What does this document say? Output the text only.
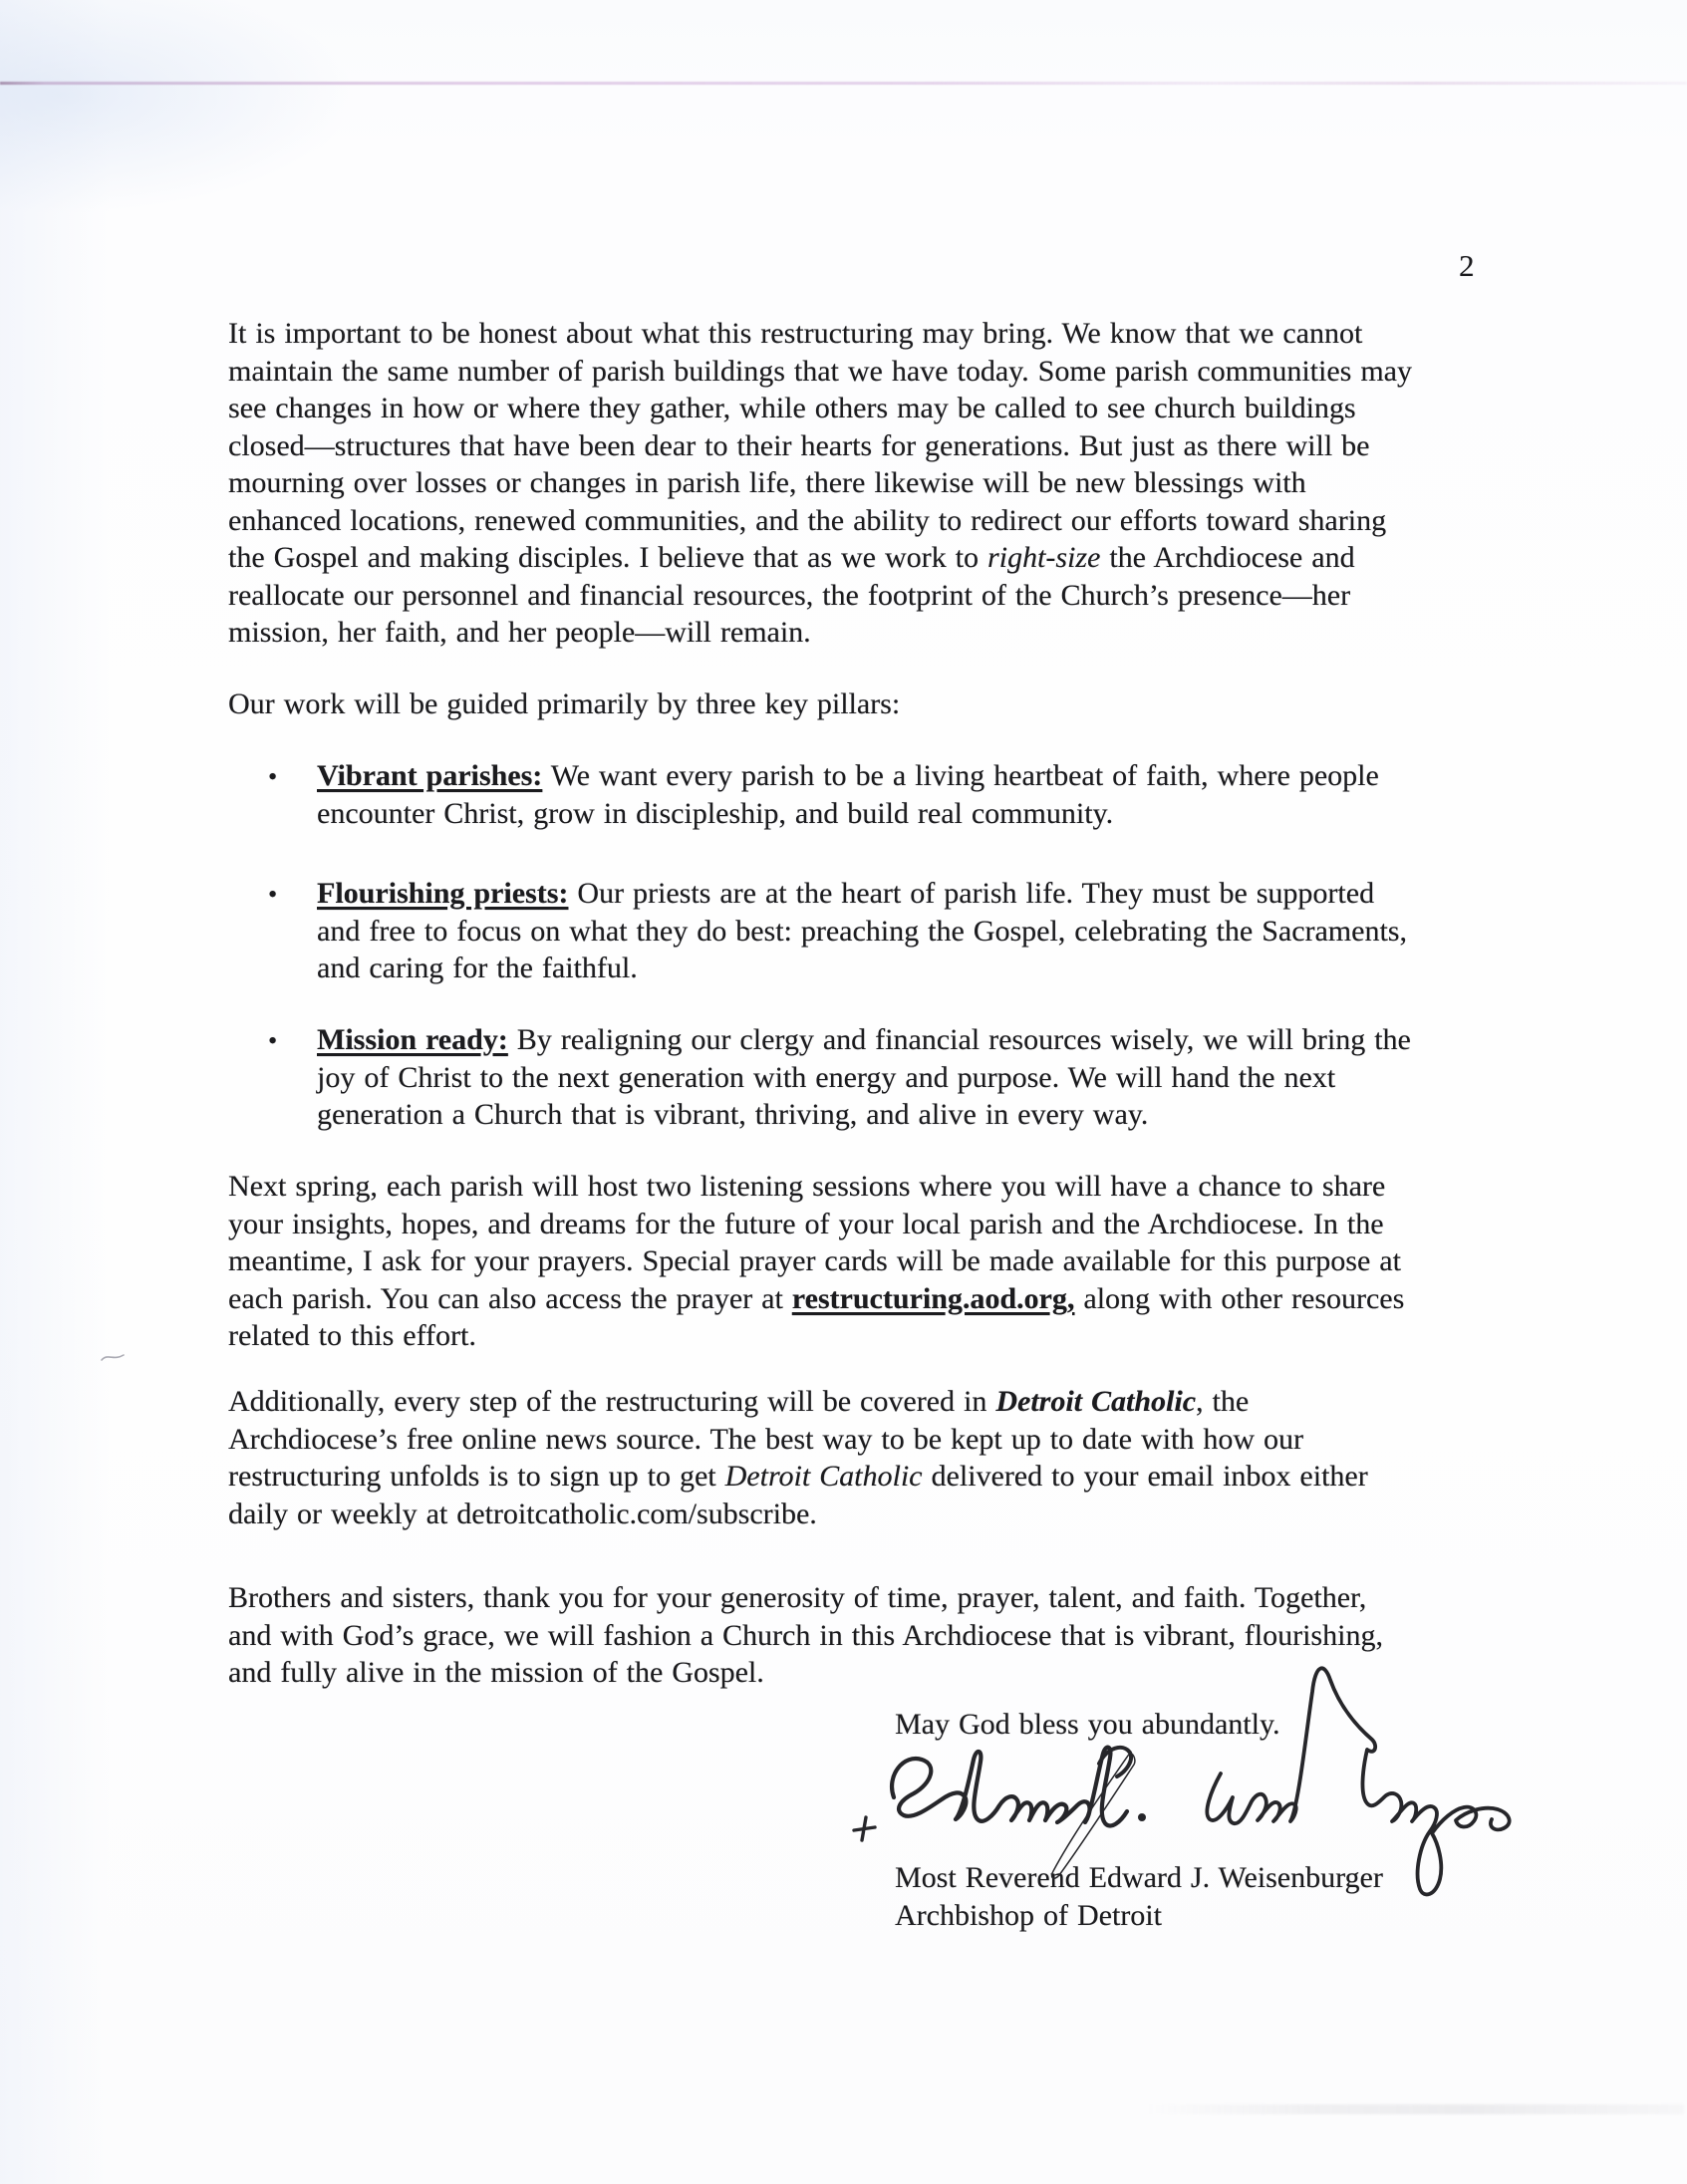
2
It is important to be honest about what this restructuring may bring. We know that we cannot
maintain the same number of parish buildings that we have today. Some parish communities may
see changes in how or where they gather, while others may be called to see church buildings
closed—structures that have been dear to their hearts for generations. But just as there will be
mourning over losses or changes in parish life, there likewise will be new blessings with
enhanced locations, renewed communities, and the ability to redirect our efforts toward sharing
the Gospel and making disciples. I believe that as we work to right-size the Archdiocese and
reallocate our personnel and financial resources, the footprint of the Church’s presence—her
mission, her faith, and her people—will remain.
Our work will be guided primarily by three key pillars:
• Vibrant parishes: We want every parish to be a living heartbeat of faith, where people
encounter Christ, grow in discipleship, and build real community.
• Flourishing priests: Our priests are at the heart of parish life. They must be supported
and free to focus on what they do best: preaching the Gospel, celebrating the Sacraments,
and caring for the faithful.
• Mission ready: By realigning our clergy and financial resources wisely, we will bring the
joy of Christ to the next generation with energy and purpose. We will hand the next
generation a Church that is vibrant, thriving, and alive in every way.
Next spring, each parish will host two listening sessions where you will have a chance to share
your insights, hopes, and dreams for the future of your local parish and the Archdiocese. In the
meantime, I ask for your prayers. Special prayer cards will be made available for this purpose at
each parish. You can also access the prayer at restructuring.aod.org, along with other resources
related to this effort.
Additionally, every step of the restructuring will be covered in Detroit Catholic, the
Archdiocese’s free online news source. The best way to be kept up to date with how our
restructuring unfolds is to sign up to get Detroit Catholic delivered to your email inbox either
daily or weekly at detroitcatholic.com/subscribe.
Brothers and sisters, thank you for your generosity of time, prayer, talent, and faith. Together,
and with God’s grace, we will fashion a Church in this Archdiocese that is vibrant, flourishing,
and fully alive in the mission of the Gospel.
May God bless you abundantly.
Most Reverend Edward J. Weisenburger
Archbishop of Detroit
